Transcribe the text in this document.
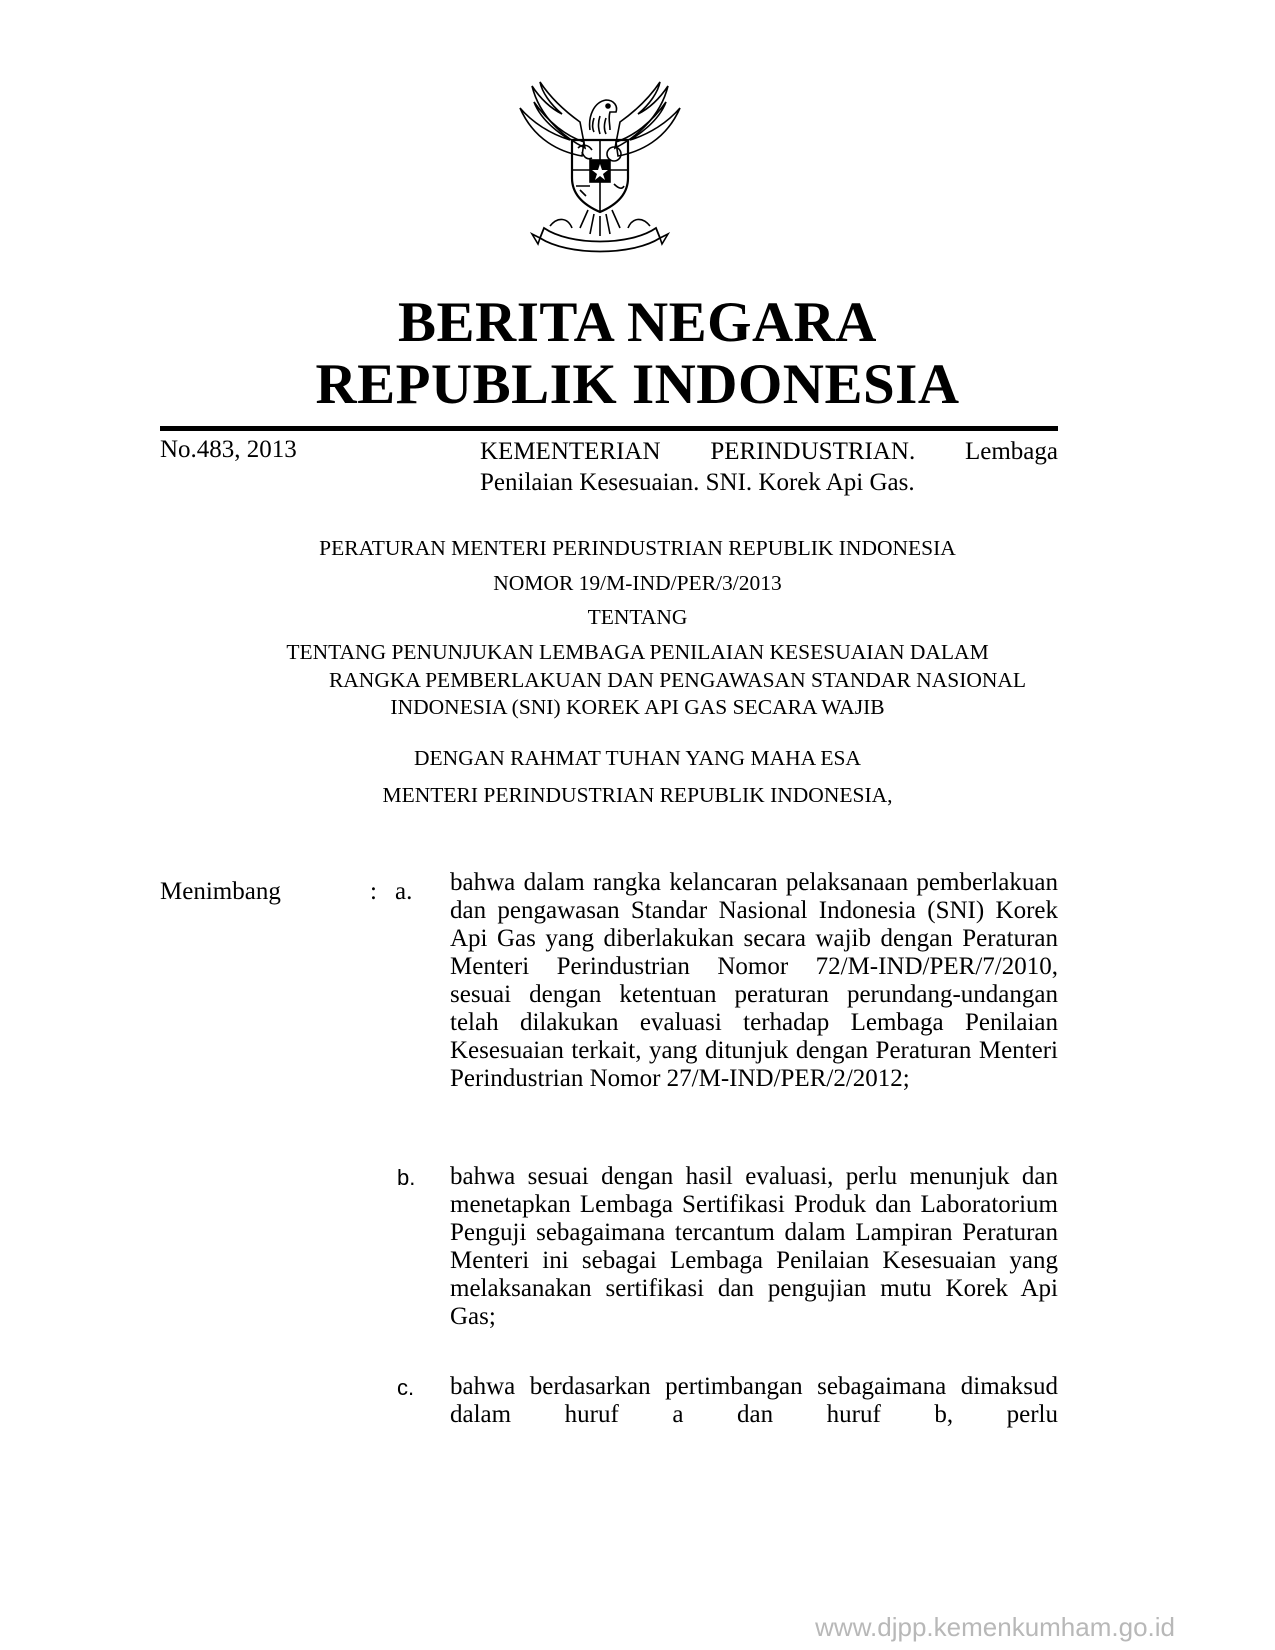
BERITA NEGARA
REPUBLIK INDONESIA
No.483, 2013	KEMENTERIAN PERINDUSTRIAN. Lembaga
Penilaian Kesesuaian. SNI. Korek Api Gas.
PERATURAN MENTERI PERINDUSTRIAN REPUBLIK INDONESIA
NOMOR 19/M-IND/PER/3/2013
TENTANG
TENTANG PENUNJUKAN LEMBAGA PENILAIAN KESESUAIAN DALAM
RANGKA PEMBERLAKUAN DAN PENGAWASAN STANDAR NASIONAL
INDONESIA (SNI) KOREK API GAS SECARA WAJIB
DENGAN RAHMAT TUHAN YANG MAHA ESA
MENTERI PERINDUSTRIAN REPUBLIK INDONESIA,
Menimbang	: a. bahwa dalam rangka kelancaran pelaksanaan pemberlakuan dan pengawasan Standar Nasional Indonesia (SNI) Korek Api Gas yang diberlakukan secara wajib dengan Peraturan Menteri Perindustrian Nomor 72/M-IND/PER/7/2010, sesuai dengan ketentuan peraturan perundang-undangan telah dilakukan evaluasi terhadap Lembaga Penilaian Kesesuaian terkait, yang ditunjuk dengan Peraturan Menteri Perindustrian Nomor 27/M-IND/PER/2/2012;
b. bahwa sesuai dengan hasil evaluasi, perlu menunjuk dan menetapkan Lembaga Sertifikasi Produk dan Laboratorium Penguji sebagaimana tercantum dalam Lampiran Peraturan Menteri ini sebagai Lembaga Penilaian Kesesuaian yang melaksanakan sertifikasi dan pengujian mutu Korek Api Gas;
c. bahwa berdasarkan pertimbangan sebagaimana dimaksud dalam huruf a dan huruf b, perlu
www.djpp.kemenkumham.go.id
